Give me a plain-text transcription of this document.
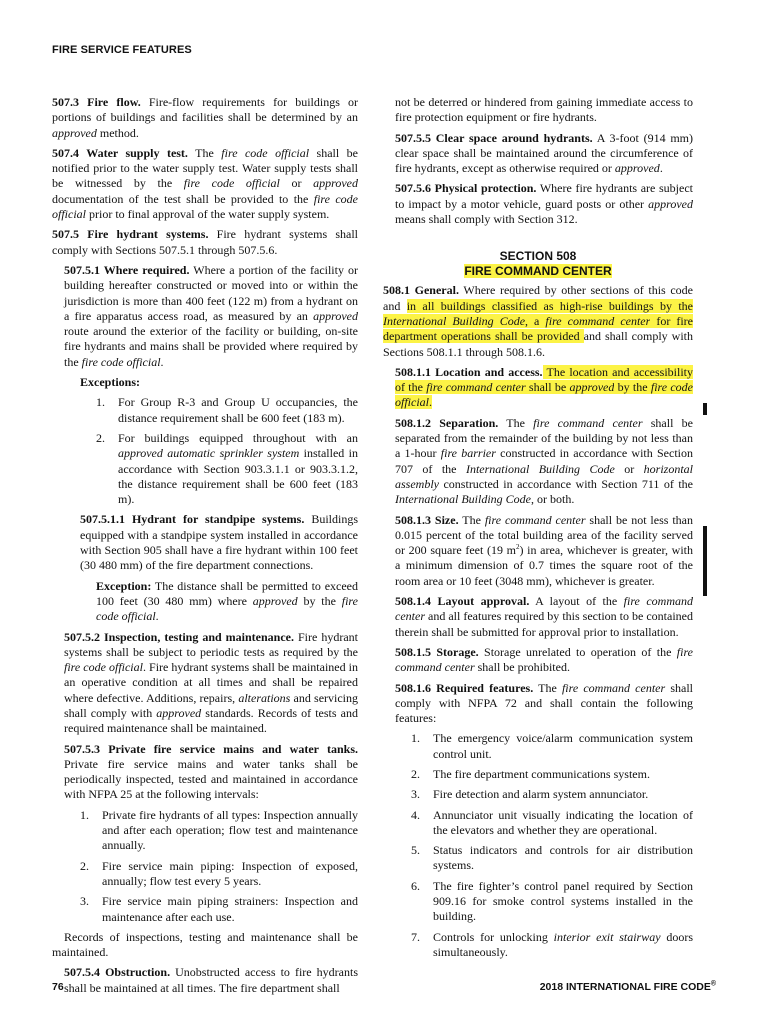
FIRE SERVICE FEATURES

507.3 Fire flow. Fire-flow requirements for buildings or portions of buildings and facilities shall be determined by an approved method.

507.4 Water supply test. The fire code official shall be notified prior to the water supply test. Water supply tests shall be witnessed by the fire code official or approved documentation of the test shall be provided to the fire code official prior to final approval of the water supply system.

507.5 Fire hydrant systems. Fire hydrant systems shall comply with Sections 507.5.1 through 507.5.6.

507.5.1 Where required. Where a portion of the facility or building hereafter constructed or moved into or within the jurisdiction is more than 400 feet (122 m) from a hydrant on a fire apparatus access road, as measured by an approved route around the exterior of the facility or building, on-site fire hydrants and mains shall be provided where required by the fire code official.

Exceptions:
1.	For Group R-3 and Group U occupancies, the distance requirement shall be 600 feet (183 m).
2.	For buildings equipped throughout with an approved automatic sprinkler system installed in accordance with Section 903.3.1.1 or 903.3.1.2, the distance requirement shall be 600 feet (183 m).

507.5.1.1 Hydrant for standpipe systems. Buildings equipped with a standpipe system installed in accordance with Section 905 shall have a fire hydrant within 100 feet (30 480 mm) of the fire department connections.

Exception: The distance shall be permitted to exceed 100 feet (30 480 mm) where approved by the fire code official.

507.5.2 Inspection, testing and maintenance. Fire hydrant systems shall be subject to periodic tests as required by the fire code official. Fire hydrant systems shall be maintained in an operative condition at all times and shall be repaired where defective. Additions, repairs, alterations and servicing shall comply with approved standards. Records of tests and required maintenance shall be maintained.

507.5.3 Private fire service mains and water tanks. Private fire service mains and water tanks shall be periodically inspected, tested and maintained in accordance with NFPA 25 at the following intervals:

1.	Private fire hydrants of all types: Inspection annually and after each operation; flow test and maintenance annually.
2.	Fire service main piping: Inspection of exposed, annually; flow test every 5 years.
3.	Fire service main piping strainers: Inspection and maintenance after each use.

Records of inspections, testing and maintenance shall be maintained.

507.5.4 Obstruction. Unobstructed access to fire hydrants shall be maintained at all times. The fire department shall

not be deterred or hindered from gaining immediate access to fire protection equipment or fire hydrants.

507.5.5 Clear space around hydrants. A 3-foot (914 mm) clear space shall be maintained around the circumference of fire hydrants, except as otherwise required or approved.

507.5.6 Physical protection. Where fire hydrants are subject to impact by a motor vehicle, guard posts or other approved means shall comply with Section 312.

SECTION 508
FIRE COMMAND CENTER

508.1 General. Where required by other sections of this code and in all buildings classified as high-rise buildings by the International Building Code, a fire command center for fire department operations shall be provided and shall comply with Sections 508.1.1 through 508.1.6.

508.1.1 Location and access. The location and accessibility of the fire command center shall be approved by the fire code official.

508.1.2 Separation. The fire command center shall be separated from the remainder of the building by not less than a 1-hour fire barrier constructed in accordance with Section 707 of the International Building Code or horizontal assembly constructed in accordance with Section 711 of the International Building Code, or both.

508.1.3 Size. The fire command center shall be not less than 0.015 percent of the total building area of the facility served or 200 square feet (19 $m^2$) in area, whichever is greater, with a minimum dimension of 0.7 times the square root of the room area or 10 feet (3048 mm), whichever is greater.

508.1.4 Layout approval. A layout of the fire command center and all features required by this section to be contained therein shall be submitted for approval prior to installation.

508.1.5 Storage. Storage unrelated to operation of the fire command center shall be prohibited.

508.1.6 Required features. The fire command center shall comply with NFPA 72 and shall contain the following features:

1.	The emergency voice/alarm communication system control unit.
2.	The fire department communications system.
3.	Fire detection and alarm system annunciator.
4.	Annunciator unit visually indicating the location of the elevators and whether they are operational.
5.	Status indicators and controls for air distribution systems.
6.	The fire fighter’s control panel required by Section 909.16 for smoke control systems installed in the building.
7.	Controls for unlocking interior exit stairway doors simultaneously.
76	2018 INTERNATIONAL FIRE CODE®
